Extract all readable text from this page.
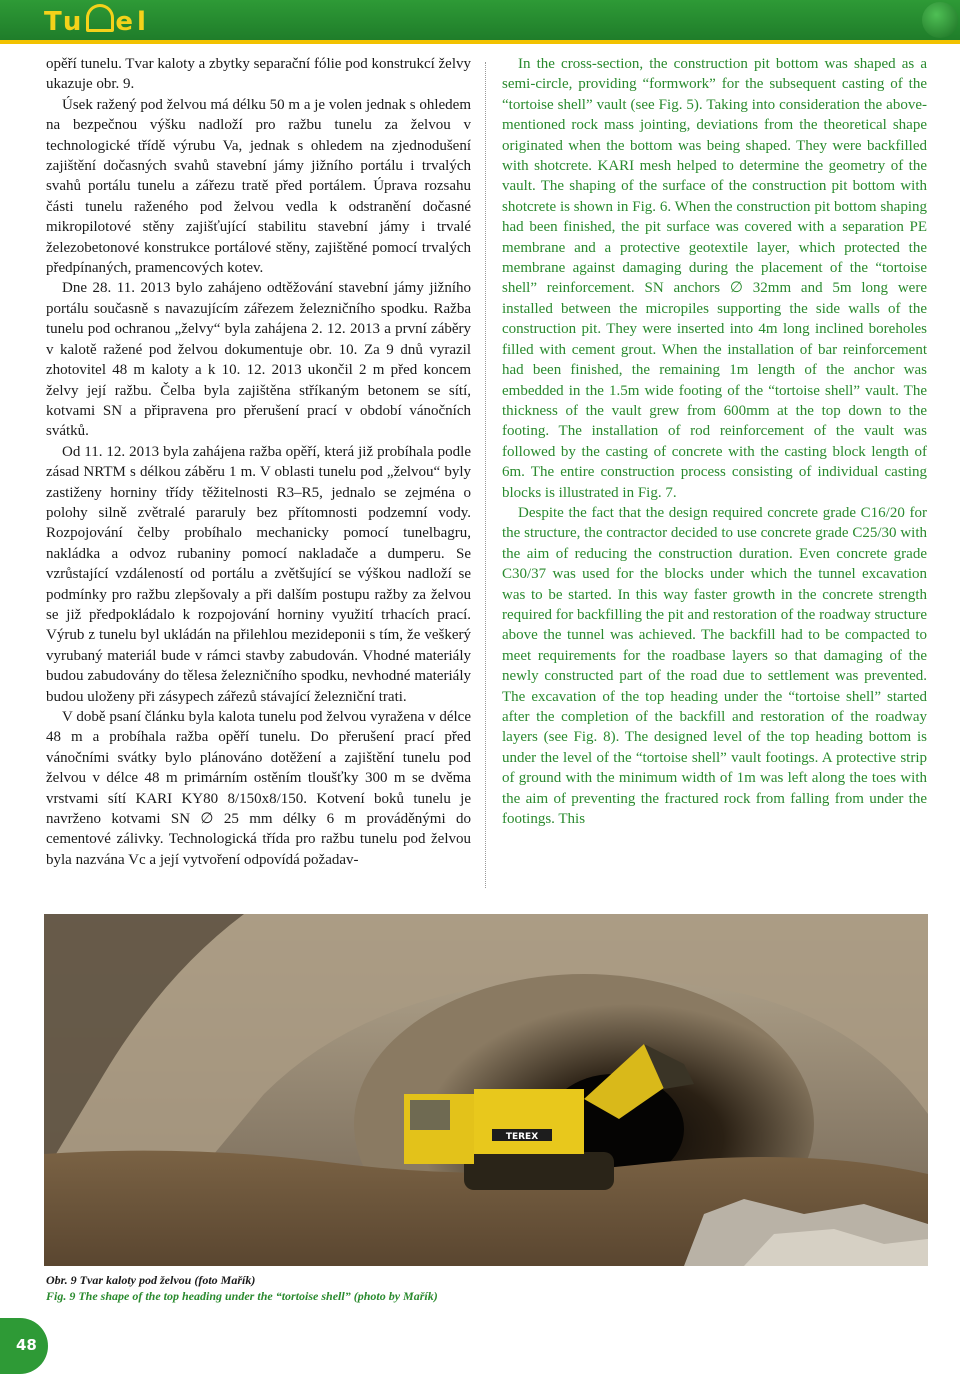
Tu el

opěří tunelu. Tvar kaloty a zbytky separační fólie pod konstrukcí želvy ukazuje obr. 9.

Úsek ražený pod želvou má délku 50 m a je volen jednak s ohledem na bezpečnou výšku nadloží pro ražbu tunelu za želvou v technologické třídě výrubu Va, jednak s ohledem na zjednodušení zajištění dočasných svahů stavební jámy jižního portálu i trvalých svahů portálu tunelu a zářezu tratě před portálem. Úprava rozsahu části tunelu raženého pod želvou vedla k odstranění dočasné mikropilotové stěny zajišťující stabilitu stavební jámy i trvalé železobetonové konstrukce portálové stěny, zajištěné pomocí trvalých předpínaných, pramencových kotev.

Dne 28. 11. 2013 bylo zahájeno odtěžování stavební jámy jižního portálu současně s navazujícím zářezem železničního spodku. Ražba tunelu pod ochranou „želvy“ byla zahájena 2. 12. 2013 a první záběry v kalotě ražené pod želvou dokumentuje obr. 10. Za 9 dnů vyrazil zhotovitel 48 m kaloty a k 10. 12. 2013 ukončil 2 m před koncem želvy její ražbu. Čelba byla zajištěna stříkaným betonem se sítí, kotvami SN a připravena pro přerušení prací v období vánočních svátků.

Od 11. 12. 2013 byla zahájena ražba opěří, která již probíhala podle zásad NRTM s délkou záběru 1 m. V oblasti tunelu pod „želvou“ byly zastiženy horniny třídy těžitelnosti R3–R5, jednalo se zejména o polohy silně zvětralé pararuly bez přítomnosti podzemní vody. Rozpojování čelby probíhalo mechanicky pomocí tunelbagru, nakládka a odvoz rubaniny pomocí nakladače a dumperu. Se vzrůstající vzdáleností od portálu a zvětšující se výškou nadloží se podmínky pro ražbu zlepšovaly a při dalším postupu ražby za želvou se již předpokládalo k rozpojování horniny využití trhacích prací. Výrub z tunelu byl ukládán na přilehlou mezideponii s tím, že veškerý vyrubaný materiál bude v rámci stavby zabudován. Vhodné materiály budou zabudovány do tělesa železničního spodku, nevhodné materiály budou uloženy při zásypech zářezů stávající železniční trati.

V době psaní článku byla kalota tunelu pod želvou vyražena v délce 48 m a probíhala ražba opěří tunelu. Do přerušení prací před vánočními svátky bylo plánováno dotěžení a zajištění tunelu pod želvou v délce 48 m primárním ostěním tloušťky 300 m se dvěma vrstvami sítí KARI KY80 8/150x8/150. Kotvení boků tunelu je navrženo kotvami SN ∅ 25 mm délky 6 m prováděnými do cementové zálivky. Technologická třída pro ražbu tunelu pod želvou byla nazvána Vc a její vytvoření odpovídá požadav-

In the cross-section, the construction pit bottom was shaped as a semi-circle, providing “formwork” for the subsequent casting of the “tortoise shell” vault (see Fig. 5). Taking into consideration the above-mentioned rock mass jointing, deviations from the theoretical shape originated when the bottom was being shaped. They were backfilled with shotcrete. KARI mesh helped to determine the geometry of the vault. The shaping of the surface of the construction pit bottom with shotcrete is shown in Fig. 6. When the construction pit bottom shaping had been finished, the pit surface was covered with a separation PE membrane and a protective geotextile layer, which protected the membrane against damaging during the placement of the “tortoise shell” reinforcement. SN anchors ∅ 32mm and 5m long were installed between the micropiles supporting the side walls of the construction pit. They were inserted into 4m long inclined boreholes filled with cement grout. When the installation of bar reinforcement had been finished, the remaining 1m length of the anchor was embedded in the 1.5m wide footing of the “tortoise shell” vault. The thickness of the vault grew from 600mm at the top down to the footing. The installation of rod reinforcement of the vault was followed by the casting of concrete with the casting block length of 6m. The entire construction process consisting of individual casting blocks is illustrated in Fig. 7.

Despite the fact that the design required concrete grade C16/20 for the structure, the contractor decided to use concrete grade C25/30 with the aim of reducing the construction duration. Even concrete grade C30/37 was used for the blocks under which the tunnel excavation was to be started. In this way faster growth in the concrete strength required for backfilling the pit and restoration of the roadway structure above the tunnel was achieved. The backfill had to be compacted to meet requirements for the roadbase layers so that damaging of the newly constructed part of the road due to settlement was prevented. The excavation of the top heading under the “tortoise shell” started after the completion of the backfill and restoration of the roadway layers (see Fig. 8). The designed level of the top heading bottom is under the level of the “tortoise shell” vault footings. A protective strip of ground with the minimum width of 1m was left along the toes with the aim of preventing the fractured rock from falling from under the footings. This

TEREX
Obr. 9 Tvar kaloty pod želvou (foto Mařík)
Fig. 9 The shape of the top heading under the “tortoise shell” (photo by Mařík)
48
